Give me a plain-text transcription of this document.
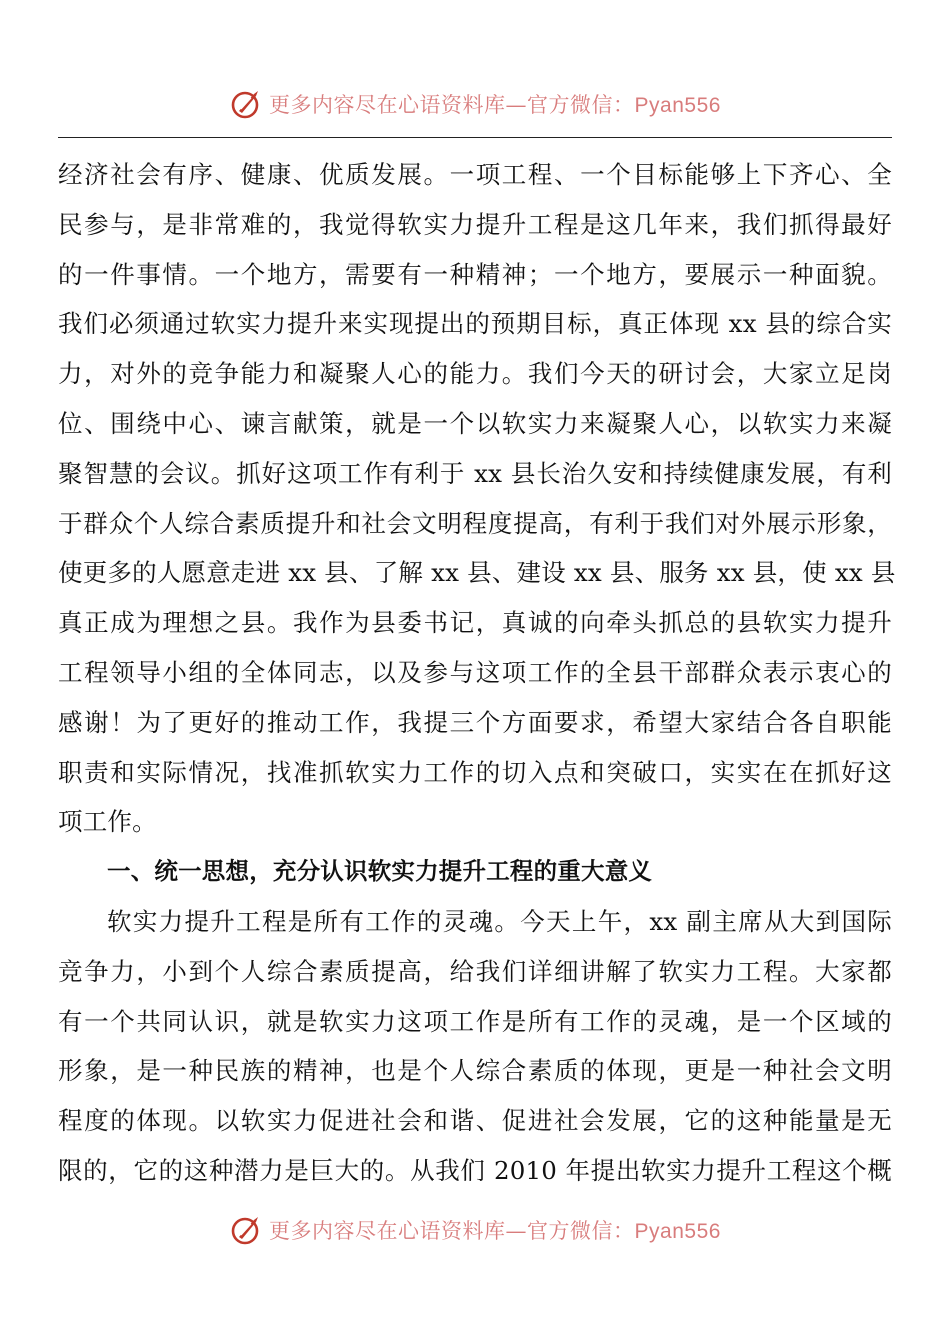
更多内容尽在心语资料库—官方微信：Pyan556
经济社会有序、健康、优质发展。一项工程、一个目标能够上下齐心、全
民参与，是非常难的，我觉得软实力提升工程是这几年来，我们抓得最好
的一件事情。一个地方，需要有一种精神；一个地方，要展示一种面貌。
我们必须通过软实力提升来实现提出的预期目标，真正体现 xx 县的综合实
力，对外的竞争能力和凝聚人心的能力。我们今天的研讨会，大家立足岗
位、围绕中心、谏言献策，就是一个以软实力来凝聚人心，以软实力来凝
聚智慧的会议。抓好这项工作有利于 xx 县长治久安和持续健康发展，有利
于群众个人综合素质提升和社会文明程度提高，有利于我们对外展示形象，
使更多的人愿意走进 xx 县、了解 xx 县、建设 xx 县、服务 xx 县，使 xx 县
真正成为理想之县。我作为县委书记，真诚的向牵头抓总的县软实力提升
工程领导小组的全体同志，以及参与这项工作的全县干部群众表示衷心的
感谢！为了更好的推动工作，我提三个方面要求，希望大家结合各自职能
职责和实际情况，找准抓软实力工作的切入点和突破口，实实在在抓好这
项工作。
一、统一思想，充分认识软实力提升工程的重大意义
软实力提升工程是所有工作的灵魂。今天上午，xx 副主席从大到国际
竞争力，小到个人综合素质提高，给我们详细讲解了软实力工程。大家都
有一个共同认识，就是软实力这项工作是所有工作的灵魂，是一个区域的
形象，是一种民族的精神，也是个人综合素质的体现，更是一种社会文明
程度的体现。以软实力促进社会和谐、促进社会发展，它的这种能量是无
限的，它的这种潜力是巨大的。从我们 2010 年提出软实力提升工程这个概
更多内容尽在心语资料库—官方微信：Pyan556
